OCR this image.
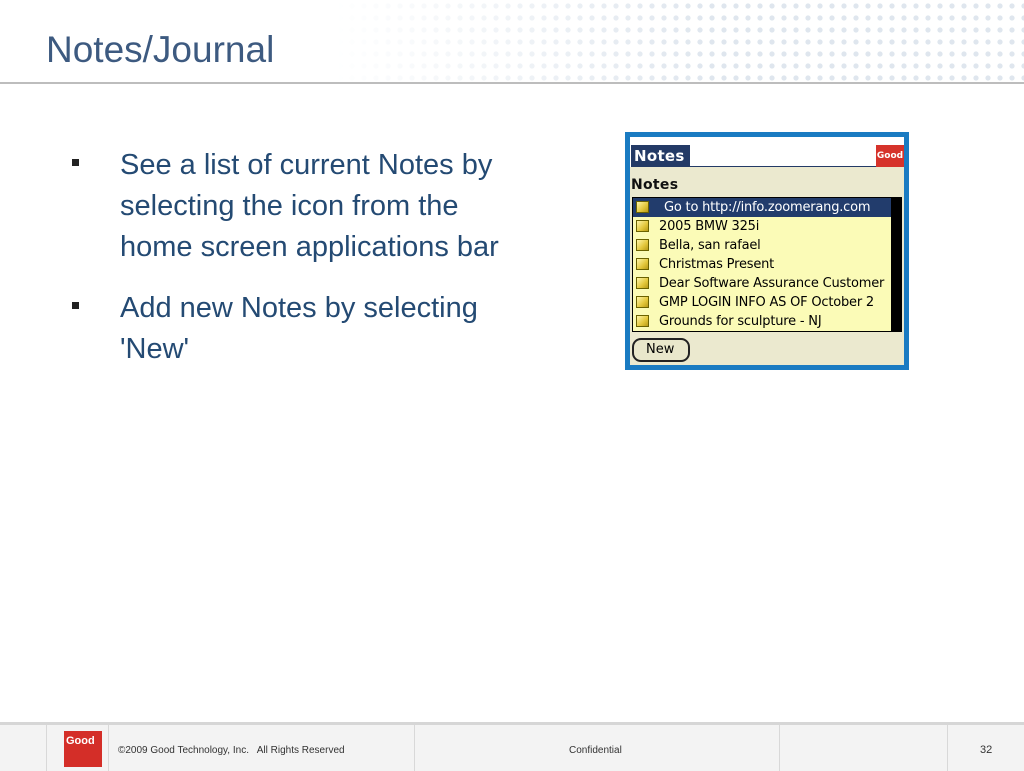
Notes/Journal
See a list of current Notes by selecting the icon from the home screen applications bar
Add new Notes by selecting 'New'
Notes	Good
Notes
Go to http://info.zoomerang.com
2005 BMW 325i
Bella, san rafael
Christmas Present
Dear Software Assurance Customer
GMP LOGIN INFO AS OF October 2
Grounds for sculpture - NJ
New
Good
©2009 Good Technology, Inc.   All Rights Reserved	Confidential	32
